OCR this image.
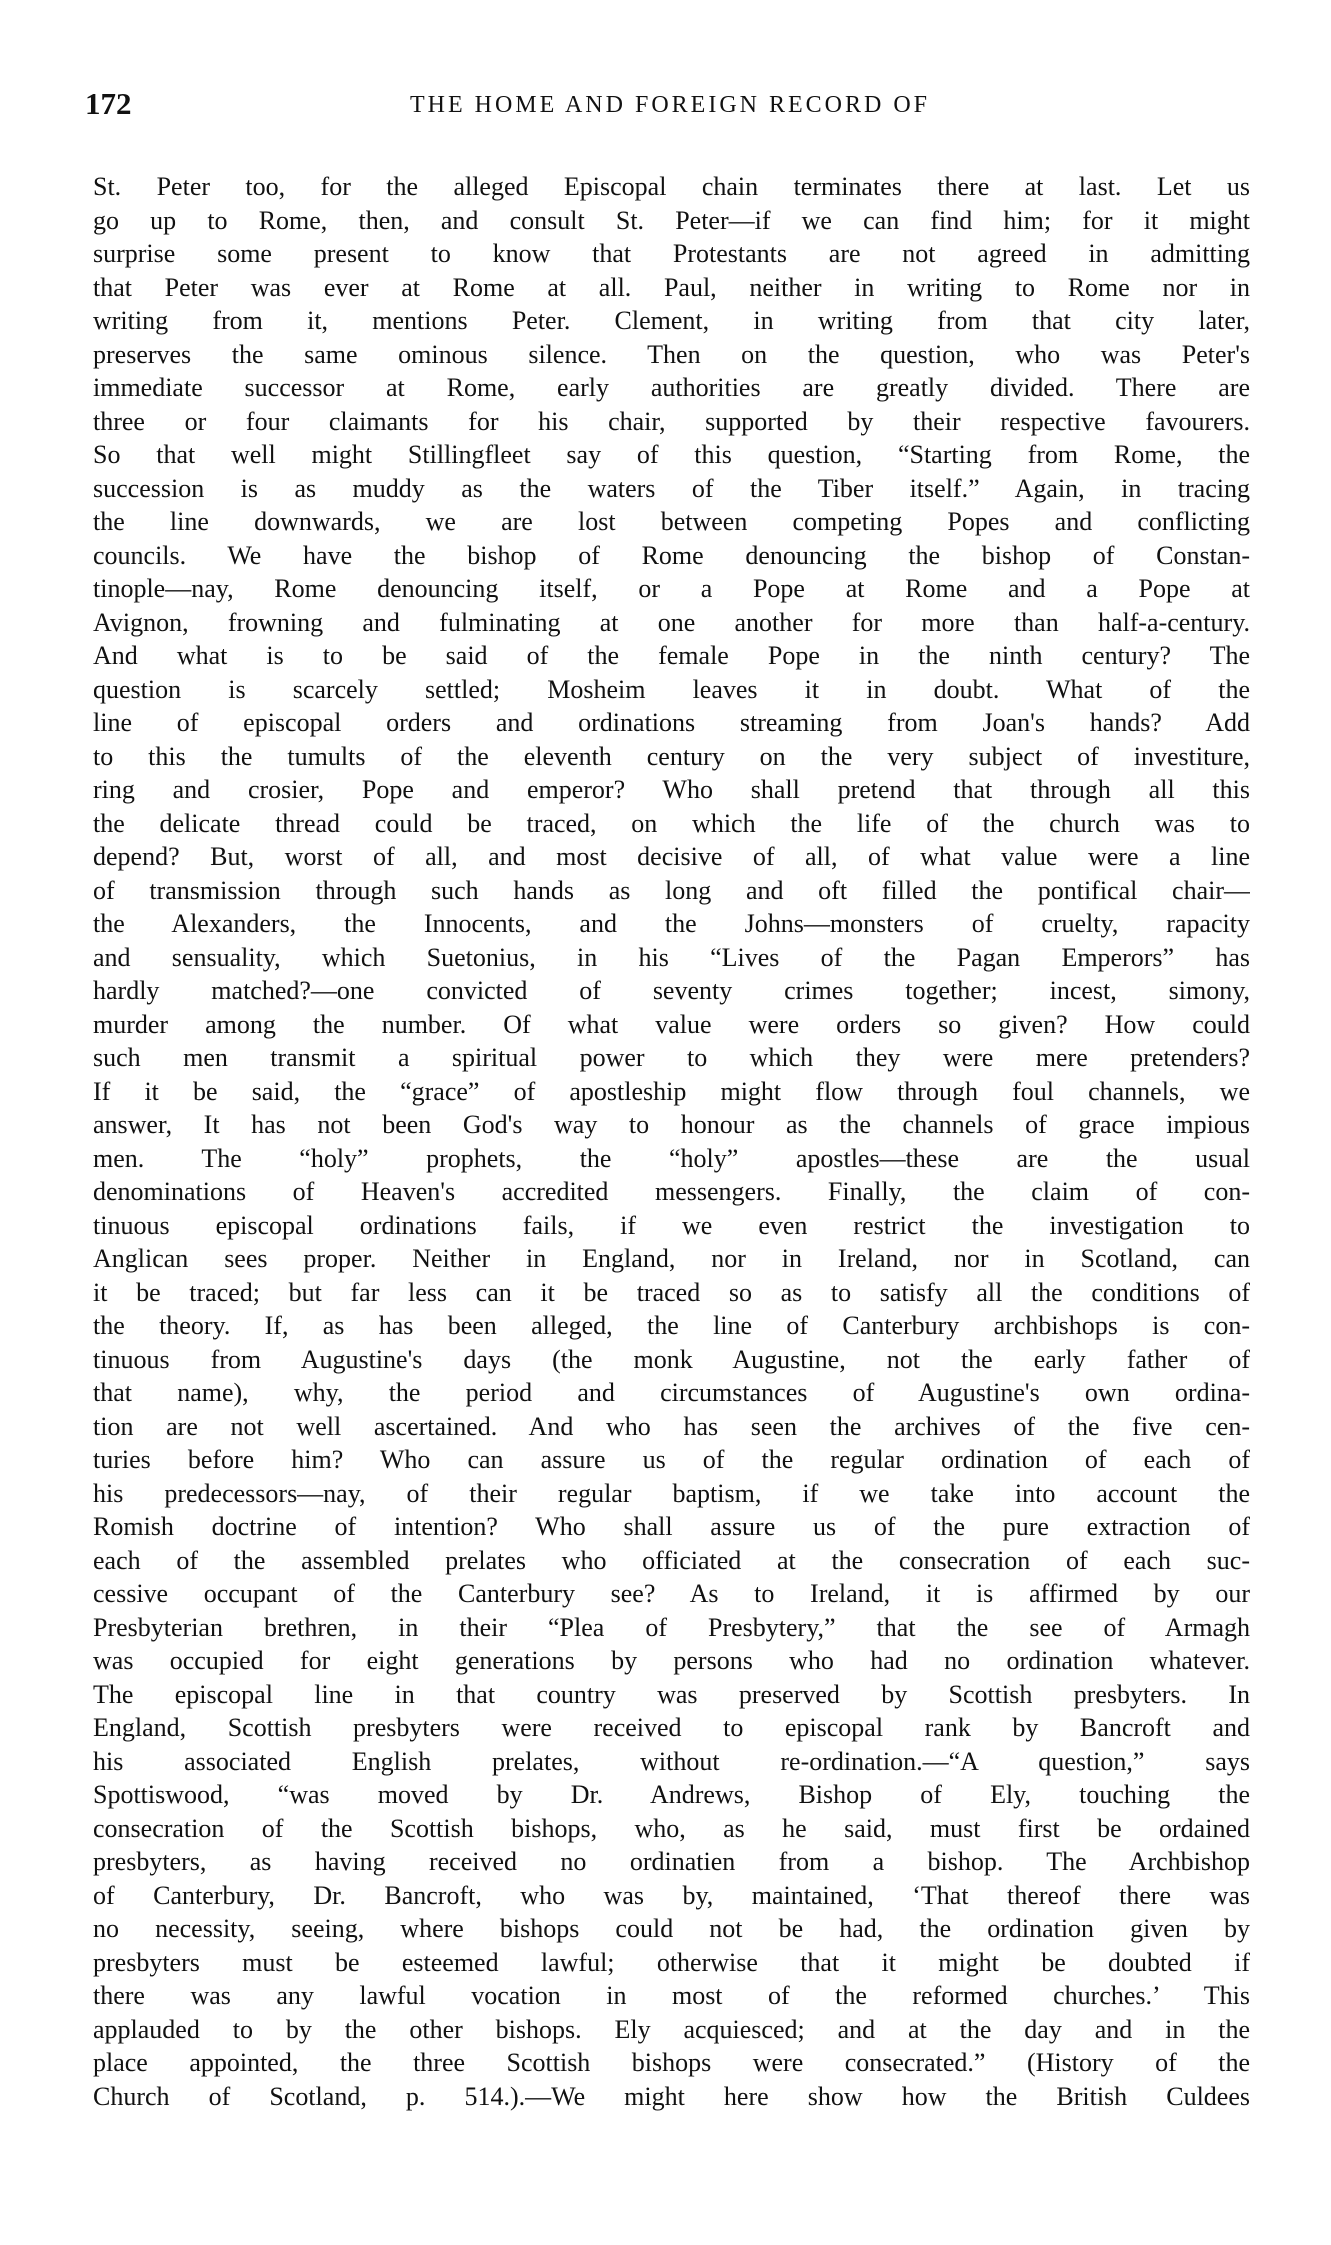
172	THE HOME AND FOREIGN RECORD OF
St. Peter too, for the alleged Episcopal chain terminates there at last. Let us
go up to Rome, then, and consult St. Peter—if we can find him; for it might
surprise some present to know that Protestants are not agreed in admitting
that Peter was ever at Rome at all. Paul, neither in writing to Rome nor in
writing from it, mentions Peter. Clement, in writing from that city later,
preserves the same ominous silence. Then on the question, who was Peter's
immediate successor at Rome, early authorities are greatly divided. There are
three or four claimants for his chair, supported by their respective favourers.
So that well might Stillingfleet say of this question, “Starting from Rome, the
succession is as muddy as the waters of the Tiber itself.” Again, in tracing
the line downwards, we are lost between competing Popes and conflicting
councils. We have the bishop of Rome denouncing the bishop of Constan-
tinople—nay, Rome denouncing itself, or a Pope at Rome and a Pope at
Avignon, frowning and fulminating at one another for more than half-a-century.
And what is to be said of the female Pope in the ninth century? The
question is scarcely settled; Mosheim leaves it in doubt. What of the
line of episcopal orders and ordinations streaming from Joan's hands? Add
to this the tumults of the eleventh century on the very subject of investiture,
ring and crosier, Pope and emperor? Who shall pretend that through all this
the delicate thread could be traced, on which the life of the church was to
depend? But, worst of all, and most decisive of all, of what value were a line
of transmission through such hands as long and oft filled the pontifical chair—
the Alexanders, the Innocents, and the Johns—monsters of cruelty, rapacity
and sensuality, which Suetonius, in his “Lives of the Pagan Emperors” has
hardly matched?—one convicted of seventy crimes together; incest, simony,
murder among the number. Of what value were orders so given? How could
such men transmit a spiritual power to which they were mere pretenders?
If it be said, the “grace” of apostleship might flow through foul channels, we
answer, It has not been God's way to honour as the channels of grace impious
men. The “holy” prophets, the “holy” apostles—these are the usual
denominations of Heaven's accredited messengers. Finally, the claim of con-
tinuous episcopal ordinations fails, if we even restrict the investigation to
Anglican sees proper. Neither in England, nor in Ireland, nor in Scotland, can
it be traced; but far less can it be traced so as to satisfy all the conditions of
the theory. If, as has been alleged, the line of Canterbury archbishops is con-
tinuous from Augustine's days (the monk Augustine, not the early father of
that name), why, the period and circumstances of Augustine's own ordina-
tion are not well ascertained. And who has seen the archives of the five cen-
turies before him? Who can assure us of the regular ordination of each of
his predecessors—nay, of their regular baptism, if we take into account the
Romish doctrine of intention? Who shall assure us of the pure extraction of
each of the assembled prelates who officiated at the consecration of each suc-
cessive occupant of the Canterbury see? As to Ireland, it is affirmed by our
Presbyterian brethren, in their “Plea of Presbytery,” that the see of Armagh
was occupied for eight generations by persons who had no ordination whatever.
The episcopal line in that country was preserved by Scottish presbyters. In
England, Scottish presbyters were received to episcopal rank by Bancroft and
his associated English prelates, without re-ordination.—“A question,” says
Spottiswood, “was moved by Dr. Andrews, Bishop of Ely, touching the
consecration of the Scottish bishops, who, as he said, must first be ordained
presbyters, as having received no ordinatien from a bishop. The Archbishop
of Canterbury, Dr. Bancroft, who was by, maintained, ‘That thereof there was
no necessity, seeing, where bishops could not be had, the ordination given by
presbyters must be esteemed lawful; otherwise that it might be doubted if
there was any lawful vocation in most of the reformed churches.’ This
applauded to by the other bishops. Ely acquiesced; and at the day and in the
place appointed, the three Scottish bishops were consecrated.” (History of the
Church of Scotland, p. 514.).—We might here show how the British Culdees
